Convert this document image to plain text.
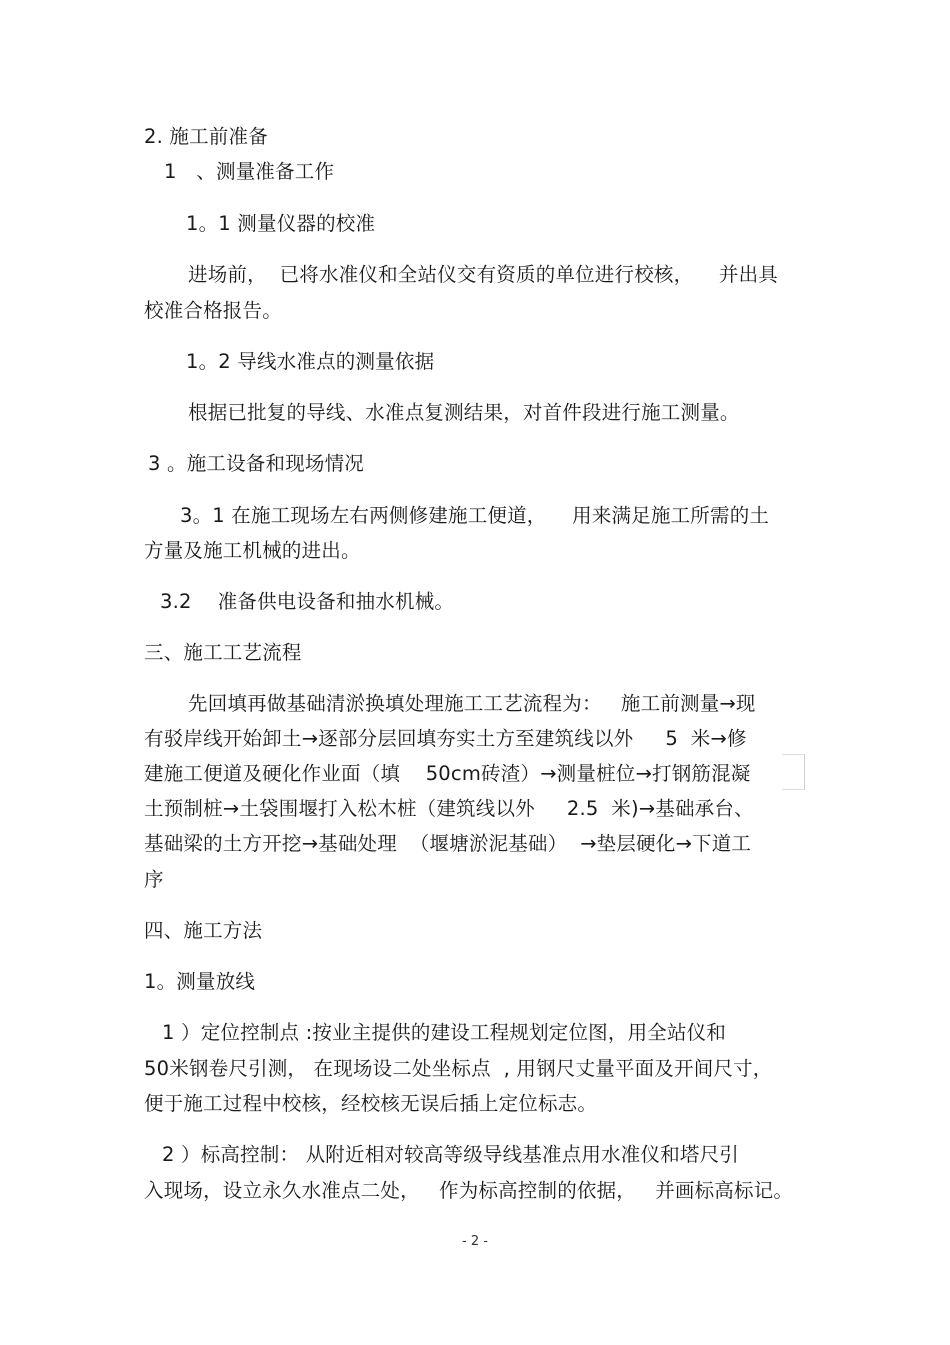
2. 施工前准备
1　、测量准备工作
1。1 测量仪器的校准
进场前，  已将水准仪和全站仪交有资质的单位进行校核，    并出具
校准合格报告。
1。2 导线水准点的测量依据
根据已批复的导线、水准点复测结果，对首件段进行施工测量。
3 。施工设备和现场情况
3。1 在施工现场左右两侧修建施工便道，    用来满足施工所需的土
方量及施工机械的进出。
3.2　 准备供电设备和抽水机械。
三、施工工艺流程
先回填再做基础清淤换填处理施工工艺流程为：   施工前测量→现
有驳岸线开始卸土→逐部分层回填夯实土方至建筑线以外     5  米→修
建施工便道及硬化作业面（填    50cm砖渣）→测量桩位→打钢筋混凝
土预制桩→土袋围堰打入松木桩（建筑线以外     2.5  米)→基础承台、
基础梁的土方开挖→基础处理  （堰塘淤泥基础）  →垫层硬化→下道工
序
四、施工方法
1。测量放线
1 ）定位控制点 :按业主提供的建设工程规划定位图，用全站仪和
50米钢卷尺引测， 在现场设二处坐标点  , 用钢尺丈量平面及开间尺寸，
便于施工过程中校核，经校核无误后插上定位标志。
2 ）标高控制： 从附近相对较高等级导线基准点用水准仪和塔尺引
入现场，设立永久水准点二处，   作为标高控制的依据，   并画标高标记。
- 2 -
